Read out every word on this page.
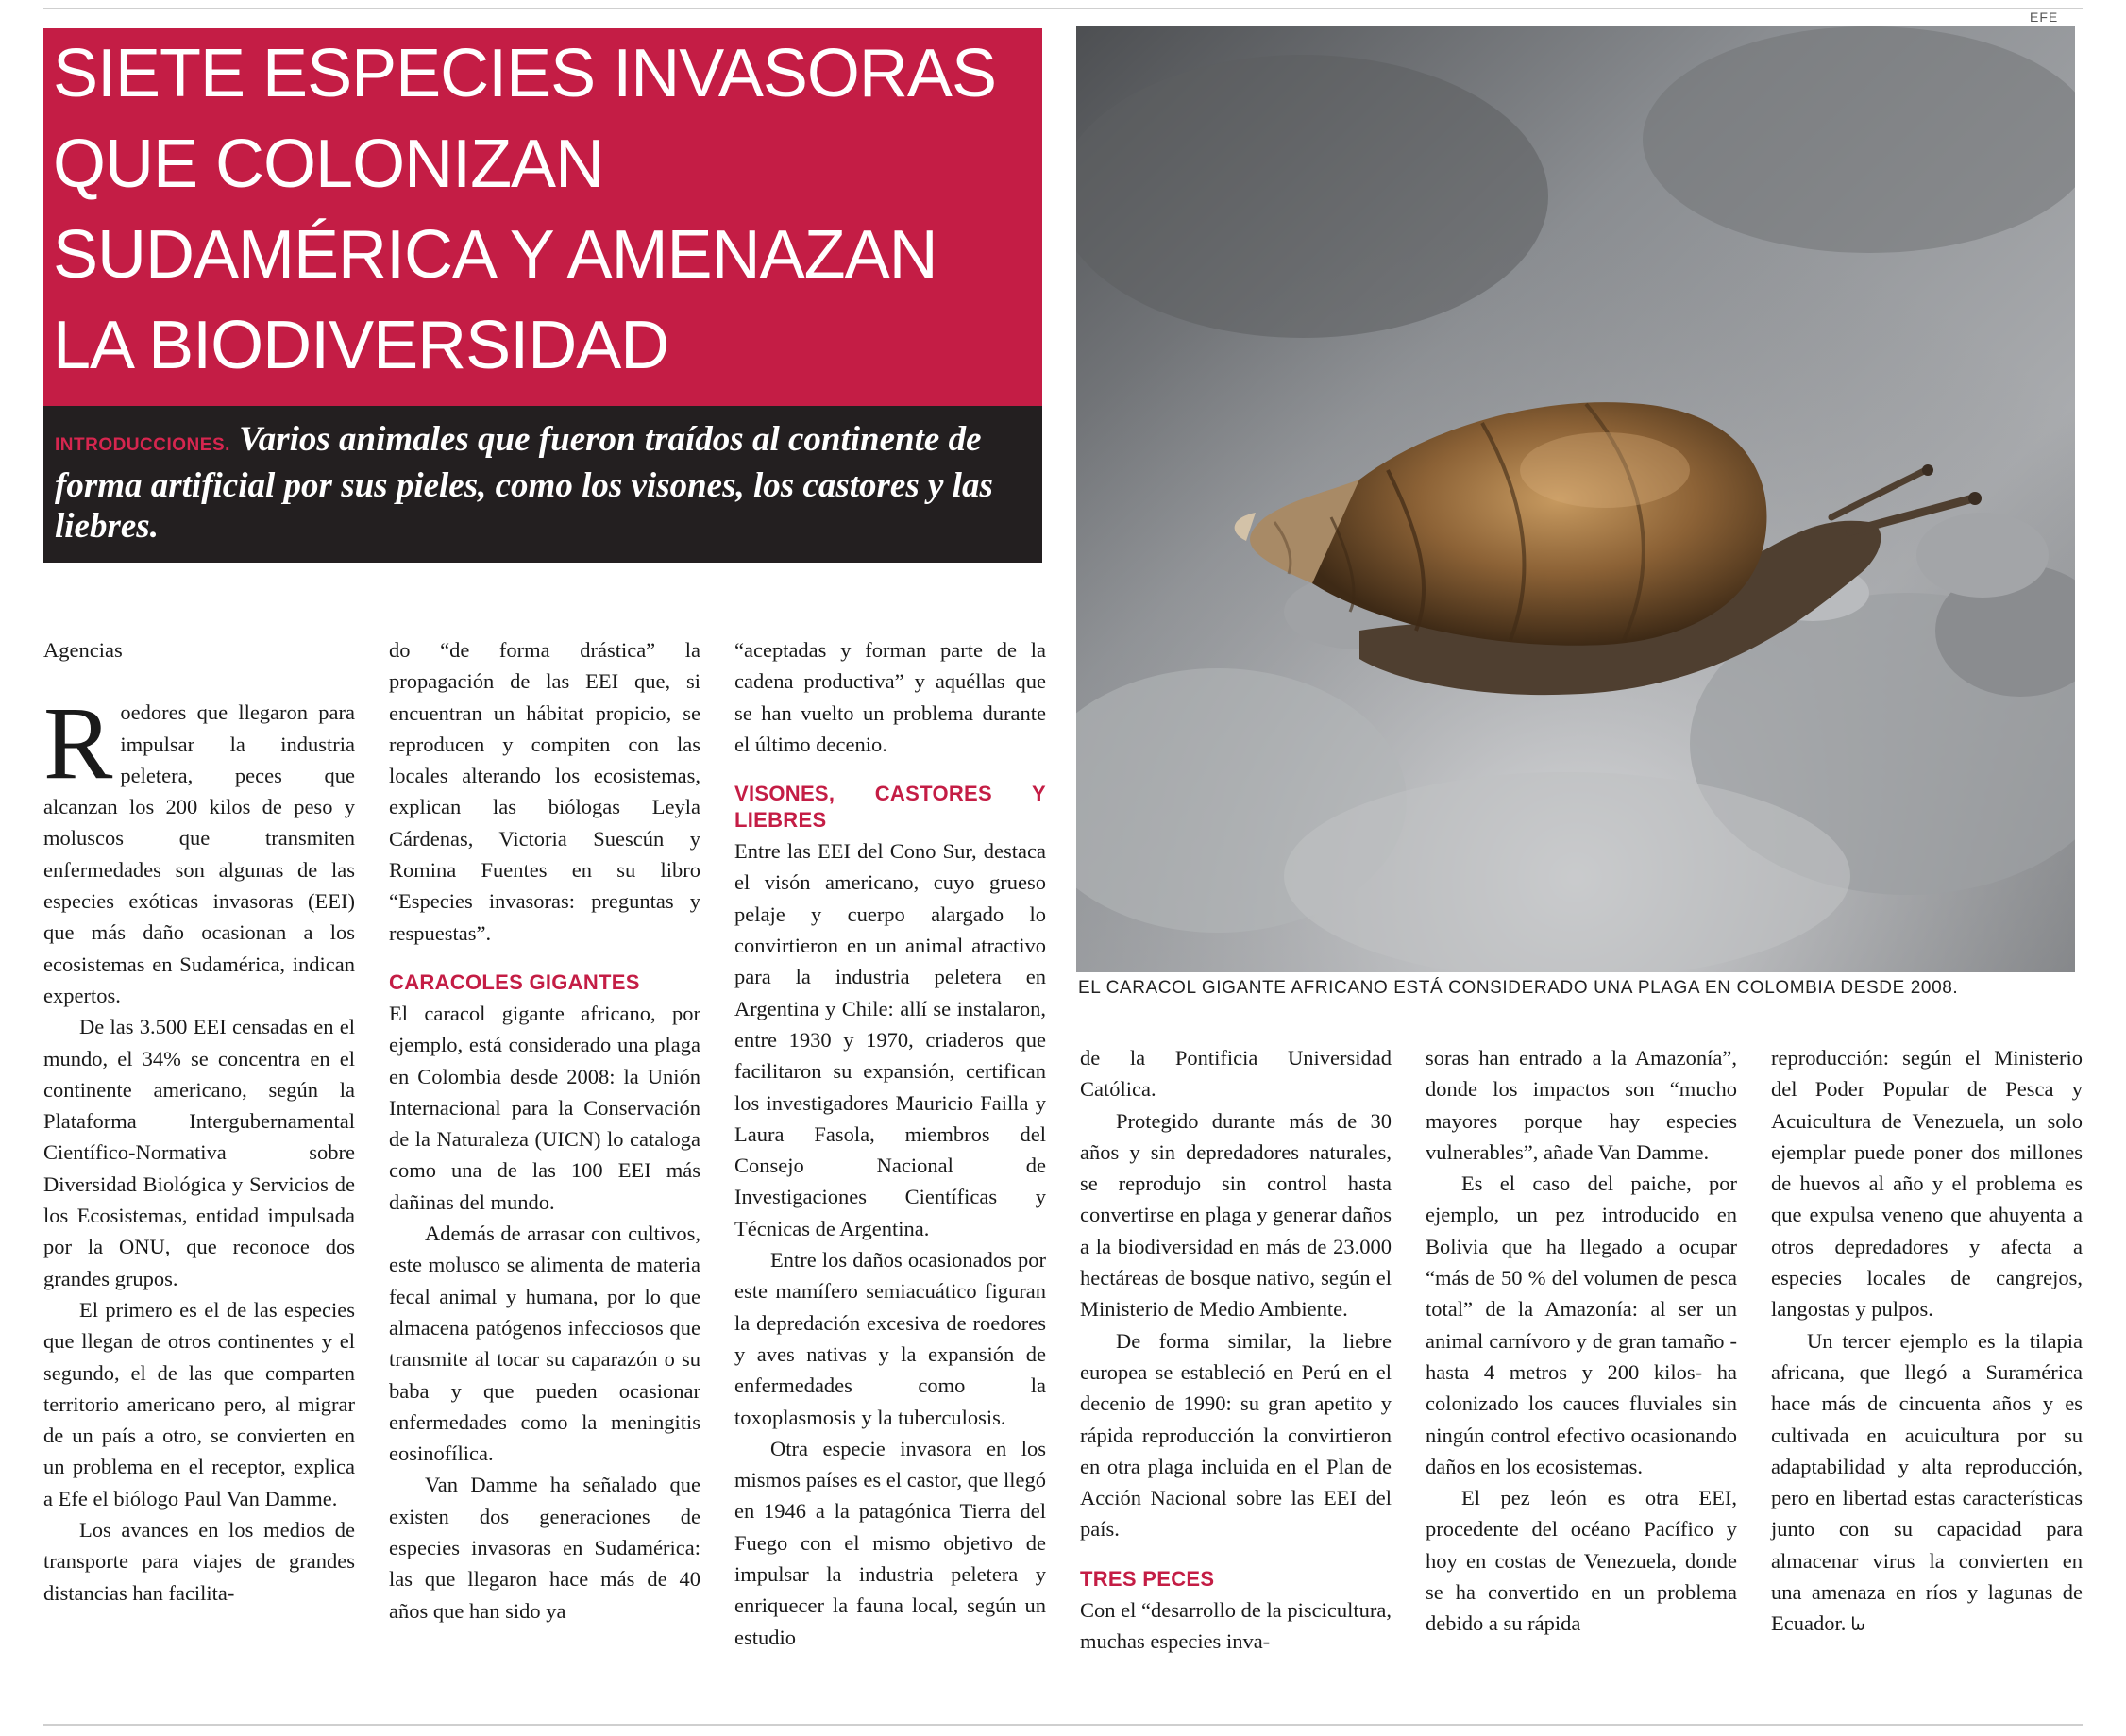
SIETE ESPECIES INVASORAS
QUE COLONIZAN
SUDAMÉRICA Y AMENAZAN
LA BIODIVERSIDAD

INTRODUCCIONES. Varios animales que fueron traídos al continente de forma artificial por sus pieles, como los visones, los castores y las liebres.

EFE
EL CARACOL GIGANTE AFRICANO ESTÁ CONSIDERADO UNA PLAGA EN COLOMBIA DESDE 2008.

Agencias

Roedores que llegaron para impulsar la industria peletera, peces que alcanzan los 200 kilos de peso y moluscos que transmiten enfermedades son algunas de las especies exóticas invasoras (EEI) que más daño ocasionan a los ecosistemas en Sudamérica, indican expertos.

De las 3.500 EEI censadas en el mundo, el 34% se concentra en el continente americano, según la Plataforma Intergubernamental Científico-Normativa sobre Diversidad Biológica y Servicios de los Ecosistemas, entidad impulsada por la ONU, que reconoce dos grandes grupos.

El primero es el de las especies que llegan de otros continentes y el segundo, el de las que comparten territorio americano pero, al migrar de un país a otro, se convierten en un problema en el receptor, explica a Efe el biólogo Paul Van Damme.

Los avances en los medios de transporte para viajes de grandes distancias han facilita-

do “de forma drástica” la propagación de las EEI que, si encuentran un hábitat propicio, se reproducen y compiten con las locales alterando los ecosistemas, explican las biólogas Leyla Cárdenas, Victoria Suescún y Romina Fuentes en su libro “Especies invasoras: preguntas y respuestas”.

CARACOLES GIGANTES

El caracol gigante africano, por ejemplo, está considerado una plaga en Colombia desde 2008: la Unión Internacional para la Conservación de la Naturaleza (UICN) lo cataloga como una de las 100 EEI más dañinas del mundo.

Además de arrasar con cultivos, este molusco se alimenta de materia fecal animal y humana, por lo que almacena patógenos infecciosos que transmite al tocar su caparazón o su baba y que pueden ocasionar enfermedades como la meningitis eosinofílica.

Van Damme ha señalado que existen dos generaciones de especies invasoras en Sudamérica: las que llegaron hace más de 40 años que han sido ya

“aceptadas y forman parte de la cadena productiva” y aquéllas que se han vuelto un problema durante el último decenio.

VISONES, CASTORES Y LIEBRES

Entre las EEI del Cono Sur, destaca el visón americano, cuyo grueso pelaje y cuerpo alargado lo convirtieron en un animal atractivo para la industria peletera en Argentina y Chile: allí se instalaron, entre 1930 y 1970, criaderos que facilitaron su expansión, certifican los investigadores Mauricio Failla y Laura Fasola, miembros del Consejo Nacional de Investigaciones Científicas y Técnicas de Argentina.

Entre los daños ocasionados por este mamífero semiacuático figuran la depredación excesiva de roedores y aves nativas y la expansión de enfermedades como la toxoplasmosis y la tuberculosis.

Otra especie invasora en los mismos países es el castor, que llegó en 1946 a la patagónica Tierra del Fuego con el mismo objetivo de impulsar la industria peletera y enriquecer la fauna local, según un estudio

de la Pontificia Universidad Católica.

Protegido durante más de 30 años y sin depredadores naturales, se reprodujo sin control hasta convertirse en plaga y generar daños a la biodiversidad en más de 23.000 hectáreas de bosque nativo, según el Ministerio de Medio Ambiente.

De forma similar, la liebre europea se estableció en Perú en el decenio de 1990: su gran apetito y rápida reproducción la convirtieron en otra plaga incluida en el Plan de Acción Nacional sobre las EEI del país.

TRES PECES

Con el “desarrollo de la piscicultura, muchas especies inva-

soras han entrado a la Amazonía”, donde los impactos son “mucho mayores porque hay especies vulnerables”, añade Van Damme.

Es el caso del paiche, por ejemplo, un pez introducido en Bolivia que ha llegado a ocupar “más de 50 % del volumen de pesca total” de la Amazonía: al ser un animal carnívoro y de gran tamaño -hasta 4 metros y 200 kilos- ha colonizado los cauces fluviales sin ningún control efectivo ocasionando daños en los ecosistemas.

El pez león es otra EEI, procedente del océano Pacífico y hoy en costas de Venezuela, donde se ha convertido en un problema debido a su rápida

reproducción: según el Ministerio del Poder Popular de Pesca y Acuicultura de Venezuela, un solo ejemplar puede poner dos millones de huevos al año y el problema es que expulsa veneno que ahuyenta a otros depredadores y afecta a especies locales de cangrejos, langostas y pulpos.

Un tercer ejemplo es la tilapia africana, que llegó a Suramérica hace más de cincuenta años y es cultivada en acuicultura por su adaptabilidad y alta reproducción, pero en libertad estas características junto con su capacidad para almacenar virus la convierten en una amenaza en ríos y lagunas de Ecuador. ᘈ
